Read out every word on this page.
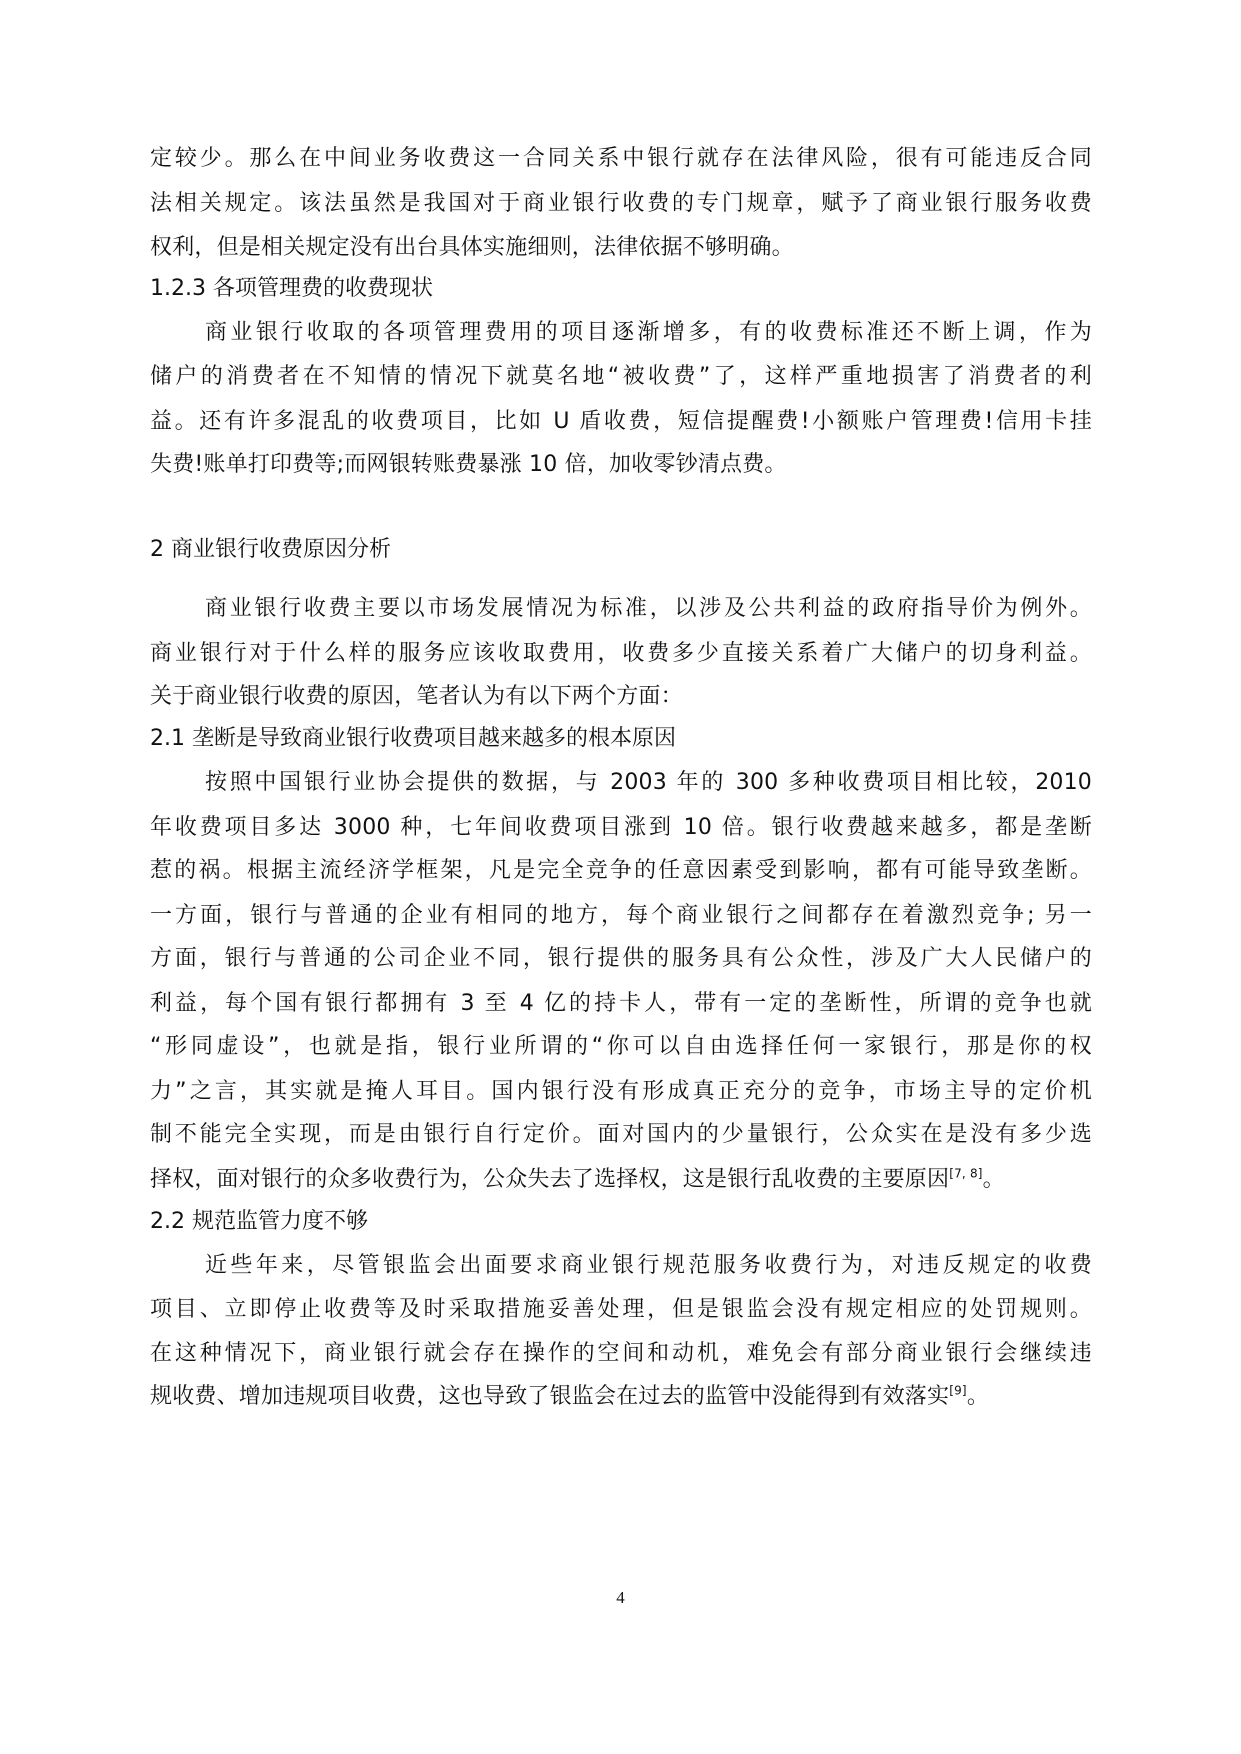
定较少。那么在中间业务收费这一合同关系中银行就存在法律风险，很有可能违反合同
法相关规定。该法虽然是我国对于商业银行收费的专门规章，赋予了商业银行服务收费
权利，但是相关规定没有出台具体实施细则，法律依据不够明确。
1.2.3 各项管理费的收费现状
商业银行收取的各项管理费用的项目逐渐增多，有的收费标准还不断上调，作为
储户的消费者在不知情的情况下就莫名地“被收费”了，这样严重地损害了消费者的利
益。还有许多混乱的收费项目，比如 U 盾收费，短信提醒费!小额账户管理费!信用卡挂
失费!账单打印费等;而网银转账费暴涨 10 倍，加收零钞清点费。
2 商业银行收费原因分析
商业银行收费主要以市场发展情况为标准，以涉及公共利益的政府指导价为例外。
商业银行对于什么样的服务应该收取费用，收费多少直接关系着广大储户的切身利益。
关于商业银行收费的原因，笔者认为有以下两个方面：
2.1 垄断是导致商业银行收费项目越来越多的根本原因
按照中国银行业协会提供的数据，与 2003 年的 300 多种收费项目相比较，2010
年收费项目多达 3000 种，七年间收费项目涨到 10 倍。银行收费越来越多，都是垄断
惹的祸。根据主流经济学框架，凡是完全竞争的任意因素受到影响，都有可能导致垄断。
一方面，银行与普通的企业有相同的地方，每个商业银行之间都存在着激烈竞争; 另一
方面，银行与普通的公司企业不同，银行提供的服务具有公众性，涉及广大人民储户的
利益，每个国有银行都拥有 3 至 4 亿的持卡人，带有一定的垄断性，所谓的竞争也就
“形同虚设”，也就是指，银行业所谓的“你可以自由选择任何一家银行，那是你的权
力”之言，其实就是掩人耳目。国内银行没有形成真正充分的竞争，市场主导的定价机
制不能完全实现，而是由银行自行定价。面对国内的少量银行，公众实在是没有多少选
择权，面对银行的众多收费行为，公众失去了选择权，这是银行乱收费的主要原因[7, 8]。
2.2 规范监管力度不够
近些年来，尽管银监会出面要求商业银行规范服务收费行为，对违反规定的收费
项目、立即停止收费等及时采取措施妥善处理，但是银监会没有规定相应的处罚规则。
在这种情况下，商业银行就会存在操作的空间和动机，难免会有部分商业银行会继续违
规收费、增加违规项目收费，这也导致了银监会在过去的监管中没能得到有效落实[9]。
4
